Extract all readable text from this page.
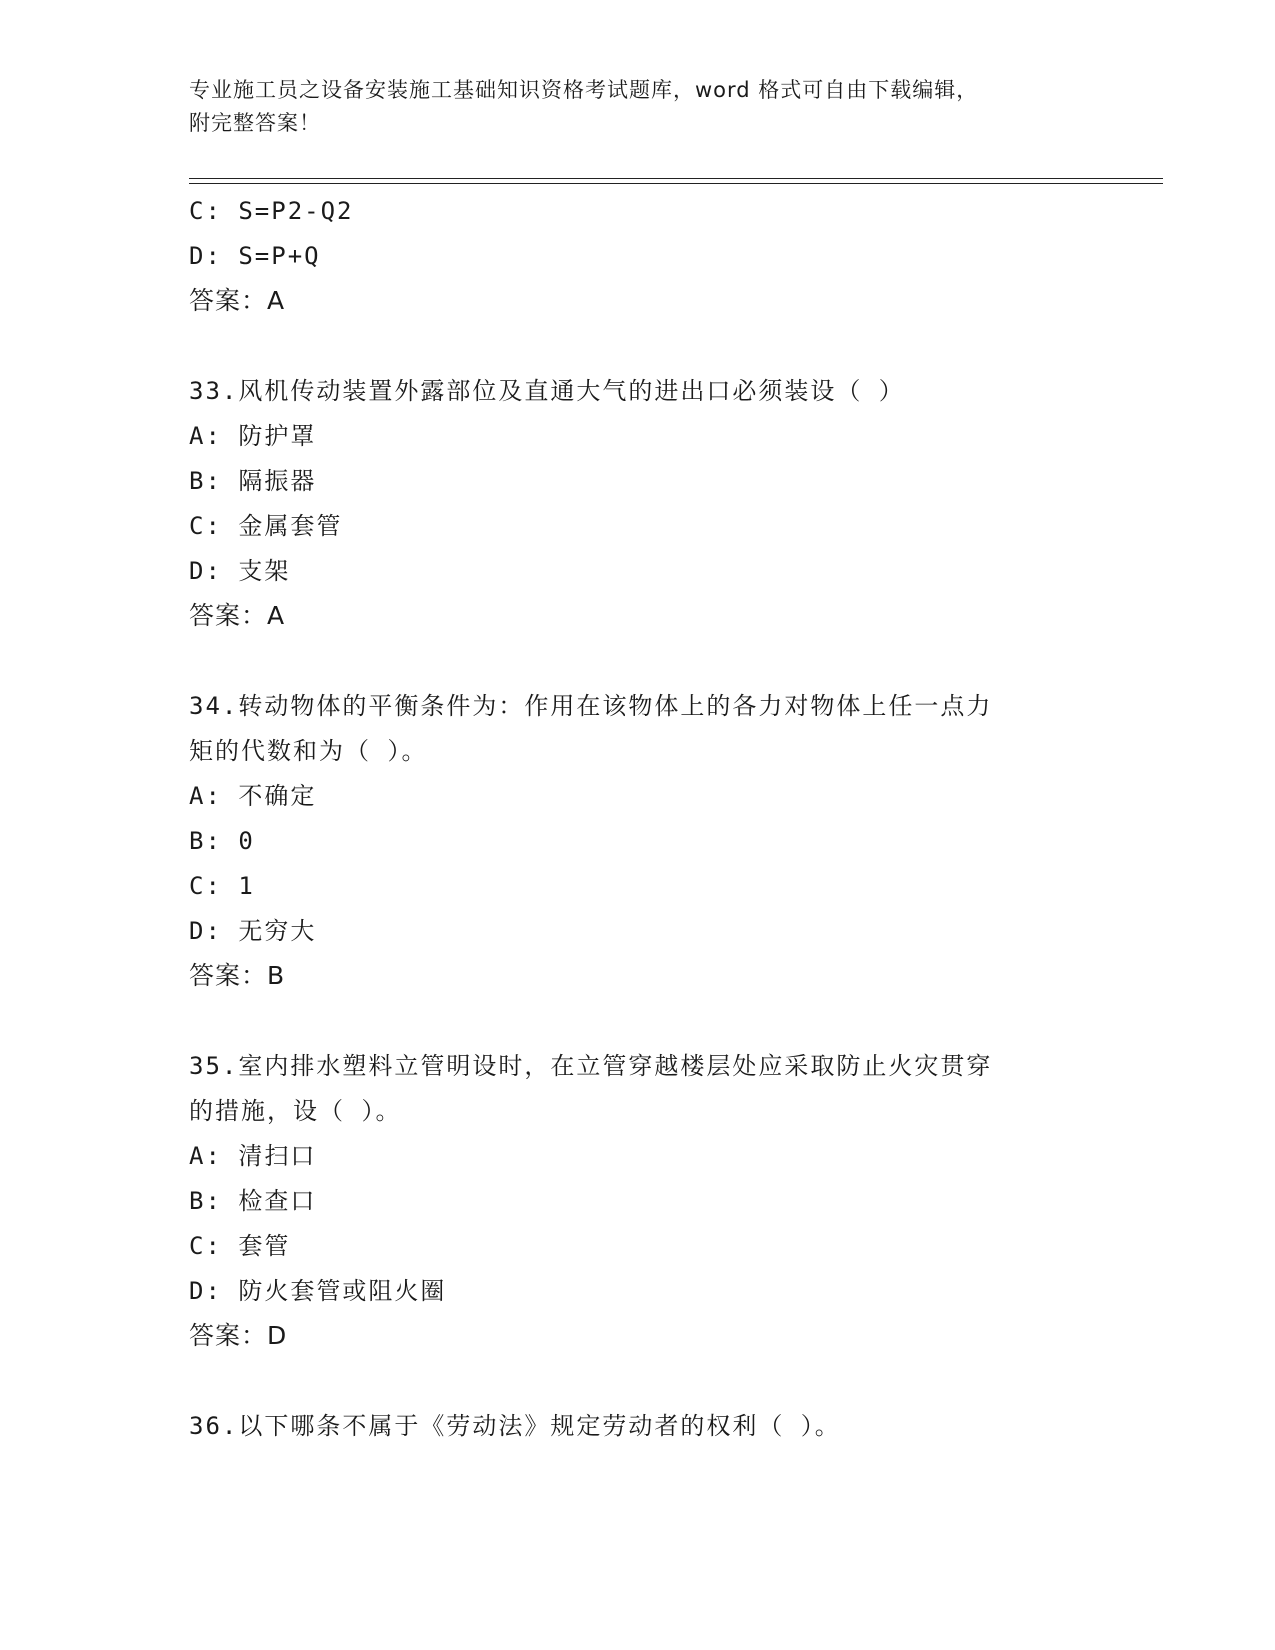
专业施工员之设备安装施工基础知识资格考试题库，word 格式可自由下载编辑，
附完整答案！
C: S=P2-Q2
D: S=P+Q
答案：A
33.风机传动装置外露部位及直通大气的进出口必须装设（ ）
A: 防护罩
B: 隔振器
C: 金属套管
D: 支架
答案：A
34.转动物体的平衡条件为：作用在该物体上的各力对物体上任一点力
矩的代数和为（ ）。
A: 不确定
B: 0
C: 1
D: 无穷大
答案：B
35.室内排水塑料立管明设时，在立管穿越楼层处应采取防止火灾贯穿
的措施，设（ ）。
A: 清扫口
B: 检查口
C: 套管
D: 防火套管或阻火圈
答案：D
36.以下哪条不属于《劳动法》规定劳动者的权利（ ）。
